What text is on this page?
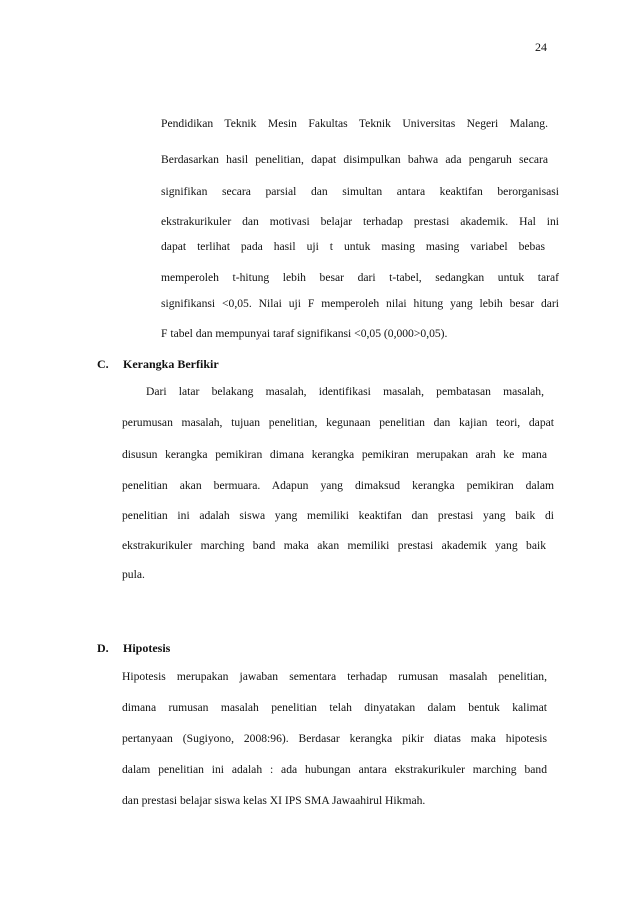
24
Pendidikan Teknik Mesin Fakultas Teknik Universitas Negeri Malang.
Berdasarkan hasil penelitian, dapat disimpulkan bahwa ada pengaruh secara
signifikan secara parsial dan simultan antara keaktifan berorganisasi
ekstrakurikuler dan motivasi belajar terhadap prestasi akademik. Hal ini
dapat terlihat pada hasil uji t untuk masing masing variabel bebas
memperoleh t-hitung lebih besar dari t-tabel, sedangkan untuk taraf
signifikansi <0,05. Nilai uji F memperoleh nilai hitung yang lebih besar dari
F tabel dan mempunyai taraf signifikansi <0,05 (0,000>0,05).
C. Kerangka Berfikir
Dari latar belakang masalah, identifikasi masalah, pembatasan masalah,
perumusan masalah, tujuan penelitian, kegunaan penelitian dan kajian teori, dapat
disusun kerangka pemikiran dimana kerangka pemikiran merupakan arah ke mana
penelitian akan bermuara. Adapun yang dimaksud kerangka pemikiran dalam
penelitian ini adalah siswa yang memiliki keaktifan dan prestasi yang baik di
ekstrakurikuler marching band maka akan memiliki prestasi akademik yang baik
pula.
D. Hipotesis
Hipotesis merupakan jawaban sementara terhadap rumusan masalah penelitian,
dimana rumusan masalah penelitian telah dinyatakan dalam bentuk kalimat
pertanyaan (Sugiyono, 2008:96). Berdasar kerangka pikir diatas maka hipotesis
dalam penelitian ini adalah : ada hubungan antara ekstrakurikuler marching band
dan prestasi belajar siswa kelas XI IPS SMA Jawaahirul Hikmah.
